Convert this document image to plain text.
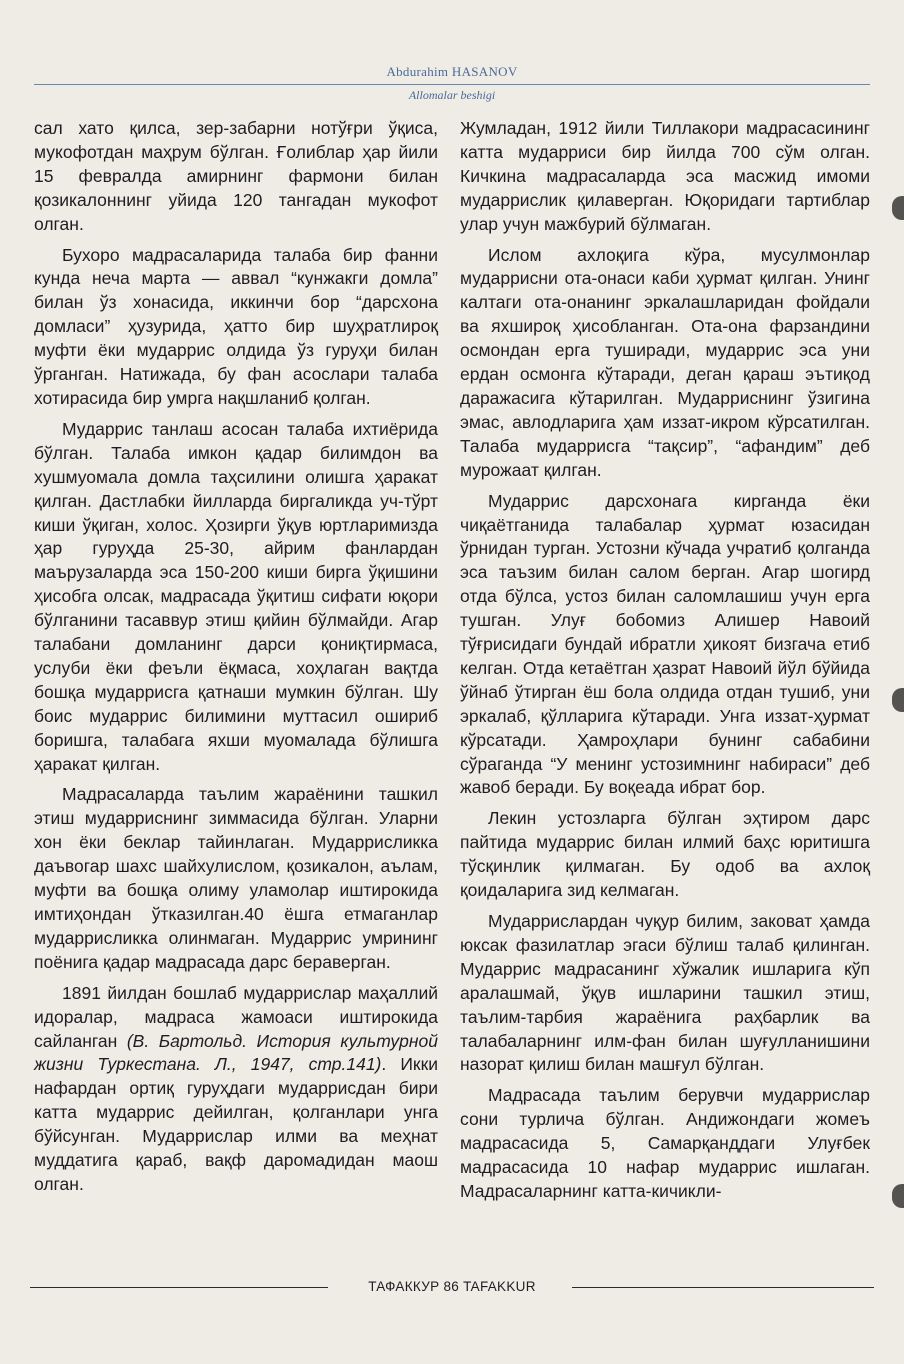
Abdurahim HASANOV
Allomalar beshigi

сал хато қилса, зер-забарни нотўғри ўқиса, мукофотдан маҳрум бўлган. Ғолиблар ҳар йили 15 февралда амирнинг фармони билан қозикалоннинг уйида 120 тангадан мукофот олган.

Бухоро мадрасаларида талаба бир фанни кунда неча марта — аввал “кунжакги домла” билан ўз хонасида, иккинчи бор “дарсхона домласи” ҳузурида, ҳатто бир шуҳратлироқ муфти ёки мударрис олдида ўз гуруҳи билан ўрганган. Натижада, бу фан асослари талаба хотирасида бир умрга нақшланиб қолган.

Мударрис танлаш асосан талаба ихтиёрида бўлган. Талаба имкон қадар билимдон ва хушмуомала домла таҳсилини олишга ҳаракат қилган. Дастлабки йилларда биргаликда уч-тўрт киши ўқиган, холос. Ҳозирги ўқув юртларимизда ҳар гуруҳда 25-30, айрим фанлардан маърузаларда эса 150-200 киши бирга ўқишини ҳисобга олсак, мадрасада ўқитиш сифати юқори бўлганини тасаввур этиш қийин бўлмайди. Агар талабани домланинг дарси қониқтирмаса, услуби ёки феъли ёқмаса, хоҳлаган вақтда бошқа мударрисга қатнаши мумкин бўлган. Шу боис мударрис билимини муттасил ошириб боришга, талабага яхши муомалада бўлишга ҳаракат қилган.

Мадрасаларда таълим жараёнини ташкил этиш мударриснинг зиммасида бўлган. Уларни хон ёки беклар тайинлаган. Мударрисликка даъвогар шахс шайхулислом, қозикалон, аълам, муфти ва бошқа олиму уламолар иштирокида имтиҳондан ўтказилган.40 ёшга етмаганлар мударрисликка олинмаган. Мударрис умрининг поёнига қадар мадрасада дарс бераверган.

1891 йилдан бошлаб мударрислар маҳаллий идоралар, мадраса жамоаси иштирокида сайланган (В. Бартольд. История культурной жизни Туркестана. Л., 1947, стр.141). Икки нафардан ортиқ гуруҳдаги мударрисдан бири катта мударрис дейилган, қолганлари унга бўйсунган. Мударрислар илми ва меҳнат муддатига қараб, вақф даромадидан маош олган.

Жумладан, 1912 йили Тиллакори мадрасасининг катта мударриси бир йилда 700 сўм олган. Кичкина мадрасаларда эса масжид имоми мударрислик қилаверган. Юқоридаги тартиблар улар учун мажбурий бўлмаган.

Ислом ахлоқига кўра, мусулмонлар мударрисни ота-онаси каби ҳурмат қилган. Унинг калтаги ота-онанинг эркалашларидан фойдали ва яхшироқ ҳисобланган. Ота-она фарзандини осмондан ерга туширади, мударрис эса уни ердан осмонга кўтаради, деган қараш эътиқод даражасига кўтарилган. Мударриснинг ўзигина эмас, авлодларига ҳам иззат-икром кўрсатилган. Талаба мударрисга “тақсир”, “афандим” деб мурожаат қилган.

Мударрис дарсхонага кирганда ёки чиқаётганида талабалар ҳурмат юзасидан ўрнидан турган. Устозни кўчада учратиб қолганда эса таъзим билан салом берган. Агар шогирд отда бўлса, устоз билан саломлашиш учун ерга тушган. Улуғ бобомиз Алишер Навоий тўғрисидаги бундай ибратли ҳикоят бизгача етиб келган. Отда кетаётган ҳазрат Навоий йўл бўйида ўйнаб ўтирган ёш бола олдида отдан тушиб, уни эркалаб, қўлларига кўтаради. Унга иззат-ҳурмат кўрсатади. Ҳамроҳлари бунинг сабабини сўраганда “У менинг устозимнинг набираси” деб жавоб беради. Бу воқеада ибрат бор.

Лекин устозларга бўлган эҳтиром дарс пайтида мударрис билан илмий баҳс юритишга тўсқинлик қилмаган. Бу одоб ва ахлоқ қоидаларига зид келмаган.

Мударрислардан чуқур билим, заковат ҳамда юксак фазилатлар эгаси бўлиш талаб қилинган. Мударрис мадрасанинг хўжалик ишларига кўп аралашмай, ўқув ишларини ташкил этиш, таълим-тарбия жараёнига раҳбарлик ва талабаларнинг илм-фан билан шуғулланишини назорат қилиш билан машғул бўлган.

Мадрасада таълим берувчи мударрислар сони турлича бўлган. Андижондаги жомеъ мадрасасида 5, Самарқанддаги Улуғбек мадрасасида 10 нафар мударрис ишлаган. Мадрасаларнинг катта-кичикли-

ТАФАККУР 86 TAFAKKUR
